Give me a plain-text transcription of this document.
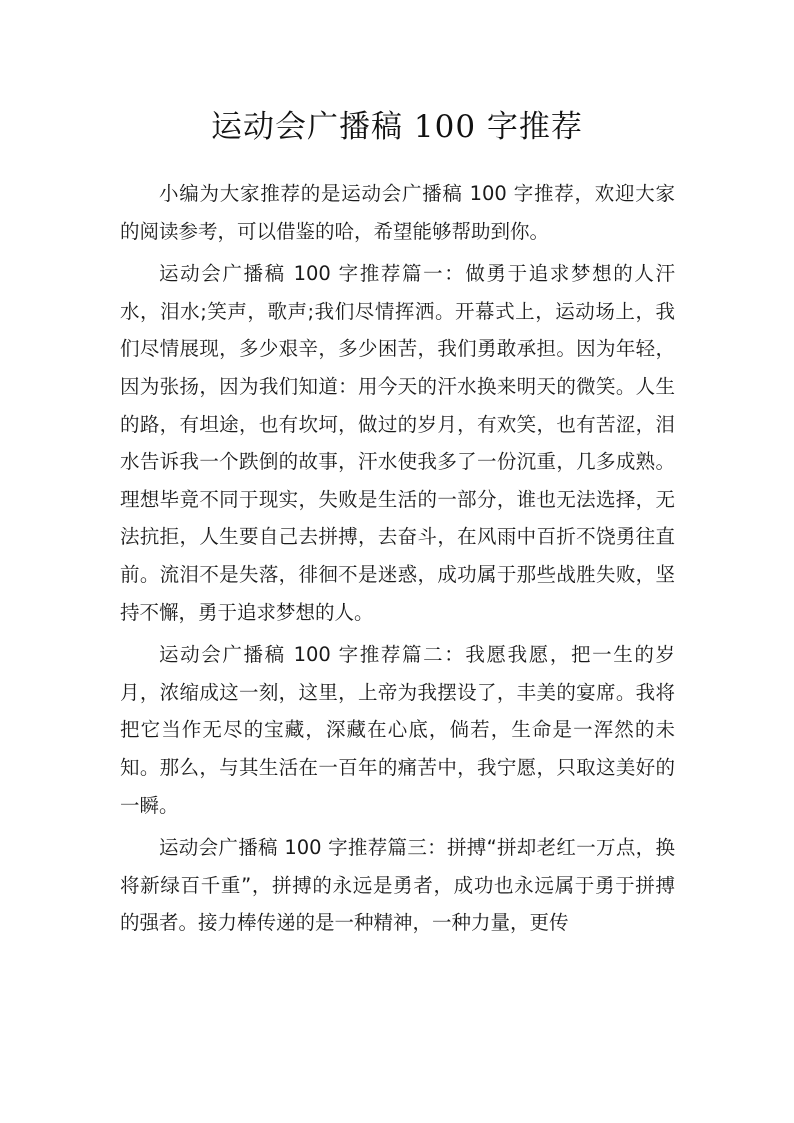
运动会广播稿 100 字推荐

小编为大家推荐的是运动会广播稿 100 字推荐，欢迎大家的阅读参考，可以借鉴的哈，希望能够帮助到你。

运动会广播稿 100 字推荐篇一：做勇于追求梦想的人汗水，泪水;笑声，歌声;我们尽情挥洒。开幕式上，运动场上，我们尽情展现，多少艰辛，多少困苦，我们勇敢承担。因为年轻，因为张扬，因为我们知道：用今天的汗水换来明天的微笑。人生的路，有坦途，也有坎坷，做过的岁月，有欢笑，也有苦涩，泪水告诉我一个跌倒的故事，汗水使我多了一份沉重，几多成熟。理想毕竟不同于现实，失败是生活的一部分，谁也无法选择，无法抗拒，人生要自己去拼搏，去奋斗，在风雨中百折不饶勇往直前。流泪不是失落，徘徊不是迷惑，成功属于那些战胜失败，坚持不懈，勇于追求梦想的人。

运动会广播稿 100 字推荐篇二：我愿我愿，把一生的岁月，浓缩成这一刻，这里，上帝为我摆设了，丰美的宴席。我将把它当作无尽的宝藏，深藏在心底，倘若，生命是一浑然的未知。那么，与其生活在一百年的痛苦中，我宁愿，只取这美好的一瞬。

运动会广播稿 100 字推荐篇三：拼搏“拼却老红一万点，换将新绿百千重”，拼搏的永远是勇者，成功也永远属于勇于拼搏的强者。接力棒传递的是一种精神，一种力量，更传
